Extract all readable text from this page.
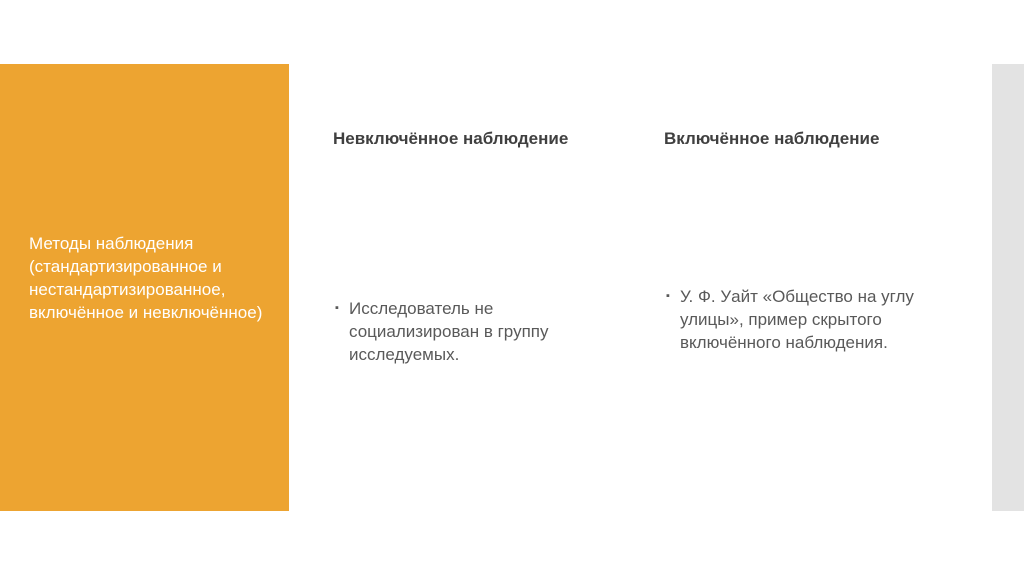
Методы наблюдения (стандартизированное и нестандартизированное, включённое и невключённое)
Невключённое наблюдение	Включённое наблюдение
▪ Исследователь не социализирован в группу исследуемых.
▪ У. Ф. Уайт «Общество на углу улицы», пример скрытого включённого наблюдения.
